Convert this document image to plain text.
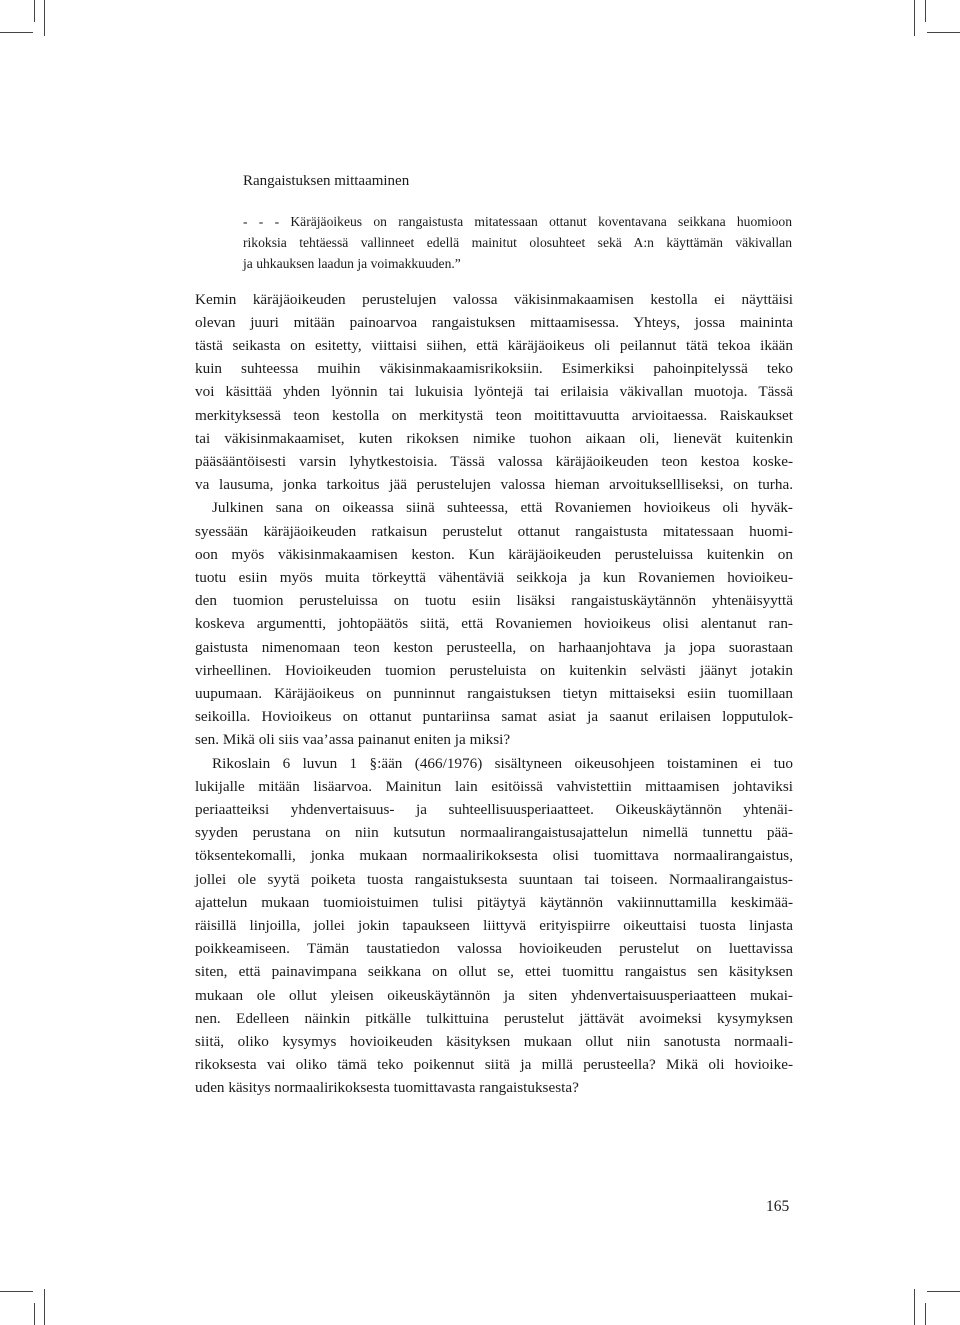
Rangaistuksen mittaaminen
- - - Käräjäoikeus on rangaistusta mitatessaan ottanut koventavana seikkana huomioon
rikoksia tehtäessä vallinneet edellä mainitut olosuhteet sekä A:n käyttämän väkivallan
ja uhkauksen laadun ja voimakkuuden.”
Kemin käräjäoikeuden perustelujen valossa väkisinmakaamisen kestolla ei näyttäisi
olevan juuri mitään painoarvoa rangaistuksen mittaamisessa. Yhteys, jossa maininta
tästä seikasta on esitetty, viittaisi siihen, että käräjäoikeus oli peilannut tätä tekoa ikään
kuin suhteessa muihin väkisinmakaamisrikoksiin. Esimerkiksi pahoinpitelyssä teko
voi käsittää yhden lyönnin tai lukuisia lyöntejä tai erilaisia väkivallan muotoja. Tässä
merkityksessä teon kestolla on merkitystä teon moitittavuutta arvioitaessa. Raiskaukset
tai väkisinmakaamiset, kuten rikoksen nimike tuohon aikaan oli, lienevät kuitenkin
pääsääntöisesti varsin lyhytkestoisia. Tässä valossa käräjäoikeuden teon kestoa koske-
va lausuma, jonka tarkoitus jää perustelujen valossa hieman arvoituksellliseksi, on turha.
Julkinen sana on oikeassa siinä suhteessa, että Rovaniemen hovioikeus oli hyväk-
syessään käräjäoikeuden ratkaisun perustelut ottanut rangaistusta mitatessaan huomi-
oon myös väkisinmakaamisen keston. Kun käräjäoikeuden perusteluissa kuitenkin on
tuotu esiin myös muita törkeyttä vähentäviä seikkoja ja kun Rovaniemen hovioikeu-
den tuomion perusteluissa on tuotu esiin lisäksi rangaistuskäytännön yhtenäisyyttä
koskeva argumentti, johtopäätös siitä, että Rovaniemen hovioikeus olisi alentanut ran-
gaistusta nimenomaan teon keston perusteella, on harhaanjohtava ja jopa suorastaan
virheellinen. Hovioikeuden tuomion perusteluista on kuitenkin selvästi jäänyt jotakin
uupumaan. Käräjäoikeus on punninnut rangaistuksen tietyn mittaiseksi esiin tuomillaan
seikoilla. Hovioikeus on ottanut puntariinsa samat asiat ja saanut erilaisen lopputulok-
sen. Mikä oli siis vaa’assa painanut eniten ja miksi?
Rikoslain 6 luvun 1 §:ään (466/1976) sisältyneen oikeusohjeen toistaminen ei tuo
lukijalle mitään lisäarvoa. Mainitun lain esitöissä vahvistettiin mittaamisen johtaviksi
periaatteiksi yhdenvertaisuus- ja suhteellisuusperiaatteet. Oikeuskäytännön yhtenäi-
syyden perustana on niin kutsutun normaalirangaistusajattelun nimellä tunnettu pää-
töksentekomalli, jonka mukaan normaalirikoksesta olisi tuomittava normaalirangaistus,
jollei ole syytä poiketa tuosta rangaistuksesta suuntaan tai toiseen. Normaalirangaistus-
ajattelun mukaan tuomioistuimen tulisi pitäytyä käytännön vakiinnuttamilla keskimää-
räisillä linjoilla, jollei jokin tapaukseen liittyvä erityispiirre oikeuttaisi tuosta linjasta
poikkeamiseen. Tämän taustatiedon valossa hovioikeuden perustelut on luettavissa
siten, että painavimpana seikkana on ollut se, ettei tuomittu rangaistus sen käsityksen
mukaan ole ollut yleisen oikeuskäytännön ja siten yhdenvertaisuusperiaatteen mukai-
nen. Edelleen näinkin pitkälle tulkittuina perustelut jättävät avoimeksi kysymyksen
siitä, oliko kysymys hovioikeuden käsityksen mukaan ollut niin sanotusta normaali-
rikoksesta vai oliko tämä teko poikennut siitä ja millä perusteella? Mikä oli hovioike-
uden käsitys normaalirikoksesta tuomittavasta rangaistuksesta?
165
